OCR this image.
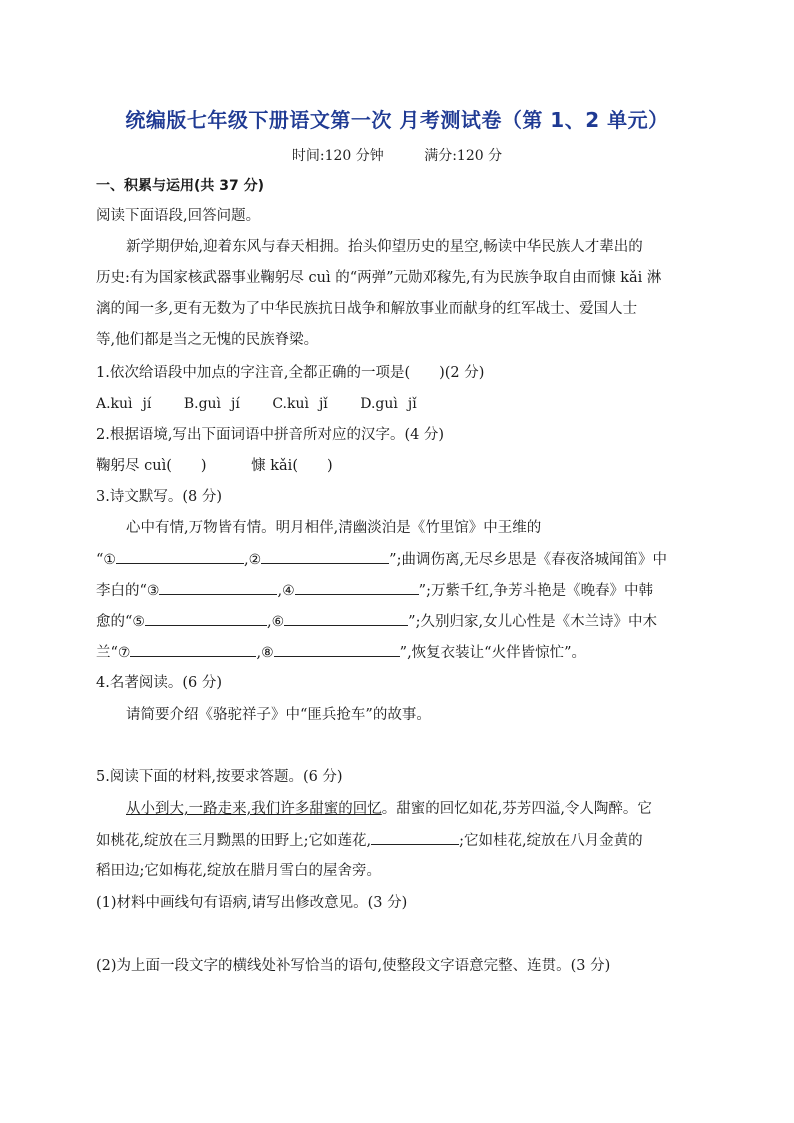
统编版七年级下册语文第一次 月考测试卷（第 1、2 单元）
时间:120 分钟	满分:120 分
一、积累与运用(共 37 分)
阅读下面语段,回答问题。
新学期伊始,迎着东风与春天相拥。抬头仰望历史的星空,畅读中华民族人才辈出的
历史:有为国家核武器事业鞠躬尽 cuì 的“两弹”元勋邓稼先,有为民族争取自由而慷 kǎi 淋
漓的闻一多,更有无数为了中华民族抗日战争和解放事业而献身的红军战士、爱国人士
等,他们都是当之无愧的民族脊梁。
1.依次给语段中加点的字注音,全都正确的一项是(　　)(2 分)
A.kuì jí B.guì jí C.kuì jǐ D.guì jǐ
2.根据语境,写出下面词语中拼音所对应的汉字。(4 分)
鞠躬尽 cuì(　　)	慷 kǎi(　　)
3.诗文默写。(8 分)
心中有情,万物皆有情。明月相伴,清幽淡泊是《竹里馆》中王维的
“①	,②	”;曲调伤离,无尽乡思是《春夜洛城闻笛》中
李白的“③	,④	”;万紫千红,争芳斗艳是《晚春》中韩
愈的“⑤	,⑥	”;久别归家,女儿心性是《木兰诗》中木
兰“⑦	,⑧	”,恢复衣装让“火伴皆惊忙”。
4.名著阅读。(6 分)
请简要介绍《骆驼祥子》中“匪兵抢车”的故事。
5.阅读下面的材料,按要求答题。(6 分)
从小到大,一路走来,我们许多甜蜜的回忆。甜蜜的回忆如花,芬芳四溢,令人陶醉。它
如桃花,绽放在三月黝黑的田野上;它如莲花,	;它如桂花,绽放在八月金黄的
稻田边;它如梅花,绽放在腊月雪白的屋舍旁。
(1)材料中画线句有语病,请写出修改意见。(3 分)
(2)为上面一段文字的横线处补写恰当的语句,使整段文字语意完整、连贯。(3 分)
